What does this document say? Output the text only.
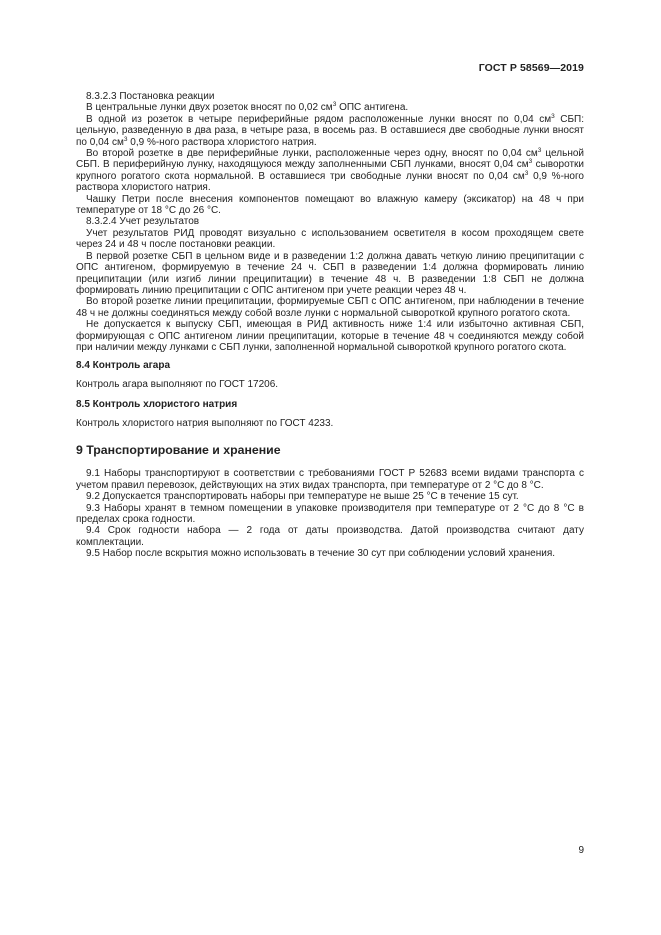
ГОСТ Р 58569—2019

8.3.2.3 Постановка реакции

В центральные лунки двух розеток вносят по 0,02 $см^3$ ОПС антигена.

В одной из розеток в четыре периферийные рядом расположенные лунки вносят по 0,04 $см^3$ СБП: цельную, разведенную в два раза, в четыре раза, в восемь раз. В оставшиеся две свободные лунки вносят по 0,04 $см^3$ 0,9 %-ного раствора хлористого натрия.

Во второй розетке в две периферийные лунки, расположенные через одну, вносят по 0,04 $см^3$ цельной СБП. В периферийную лунку, находящуюся между заполненными СБП лунками, вносят 0,04 $см^3$ сыворотки крупного рогатого скота нормальной. В оставшиеся три свободные лунки вносят по 0,04 $см^3$ 0,9 %-ного раствора хлористого натрия.

Чашку Петри после внесения компонентов помещают во влажную камеру (эксикатор) на 48 ч при температуре от 18 °C до 26 °C.

8.3.2.4 Учет результатов

Учет результатов РИД проводят визуально с использованием осветителя в косом проходящем свете через 24 и 48 ч после постановки реакции.

В первой розетке СБП в цельном виде и в разведении 1:2 должна давать четкую линию преципитации с ОПС антигеном, формируемую в течение 24 ч. СБП в разведении 1:4 должна формировать линию преципитации (или изгиб линии преципитации) в течение 48 ч. В разведении 1:8 СБП не должна формировать линию преципитации с ОПС антигеном при учете реакции через 48 ч.

Во второй розетке линии преципитации, формируемые СБП с ОПС антигеном, при наблюдении в течение 48 ч не должны соединяться между собой возле лунки с нормальной сывороткой крупного рогатого скота.

Не допускается к выпуску СБП, имеющая в РИД активность ниже 1:4 или избыточно активная СБП, формирующая с ОПС антигеном линии преципитации, которые в течение 48 ч соединяются между собой при наличии между лунками с СБП лунки, заполненной нормальной сывороткой крупного рогатого скота.

8.4 Контроль агара

Контроль агара выполняют по ГОСТ 17206.

8.5 Контроль хлористого натрия

Контроль хлористого натрия выполняют по ГОСТ 4233.

9 Транспортирование и хранение

9.1 Наборы транспортируют в соответствии с требованиями ГОСТ Р 52683 всеми видами транспорта с учетом правил перевозок, действующих на этих видах транспорта, при температуре от 2 °C до 8 °C.

9.2 Допускается транспортировать наборы при температуре не выше 25 °C в течение 15 сут.

9.3 Наборы хранят в темном помещении в упаковке производителя при температуре от 2 °C до 8 °C в пределах срока годности.

9.4 Срок годности набора — 2 года от даты производства. Датой производства считают дату комплектации.

9.5 Набор после вскрытия можно использовать в течение 30 сут при соблюдении условий хранения.

9
